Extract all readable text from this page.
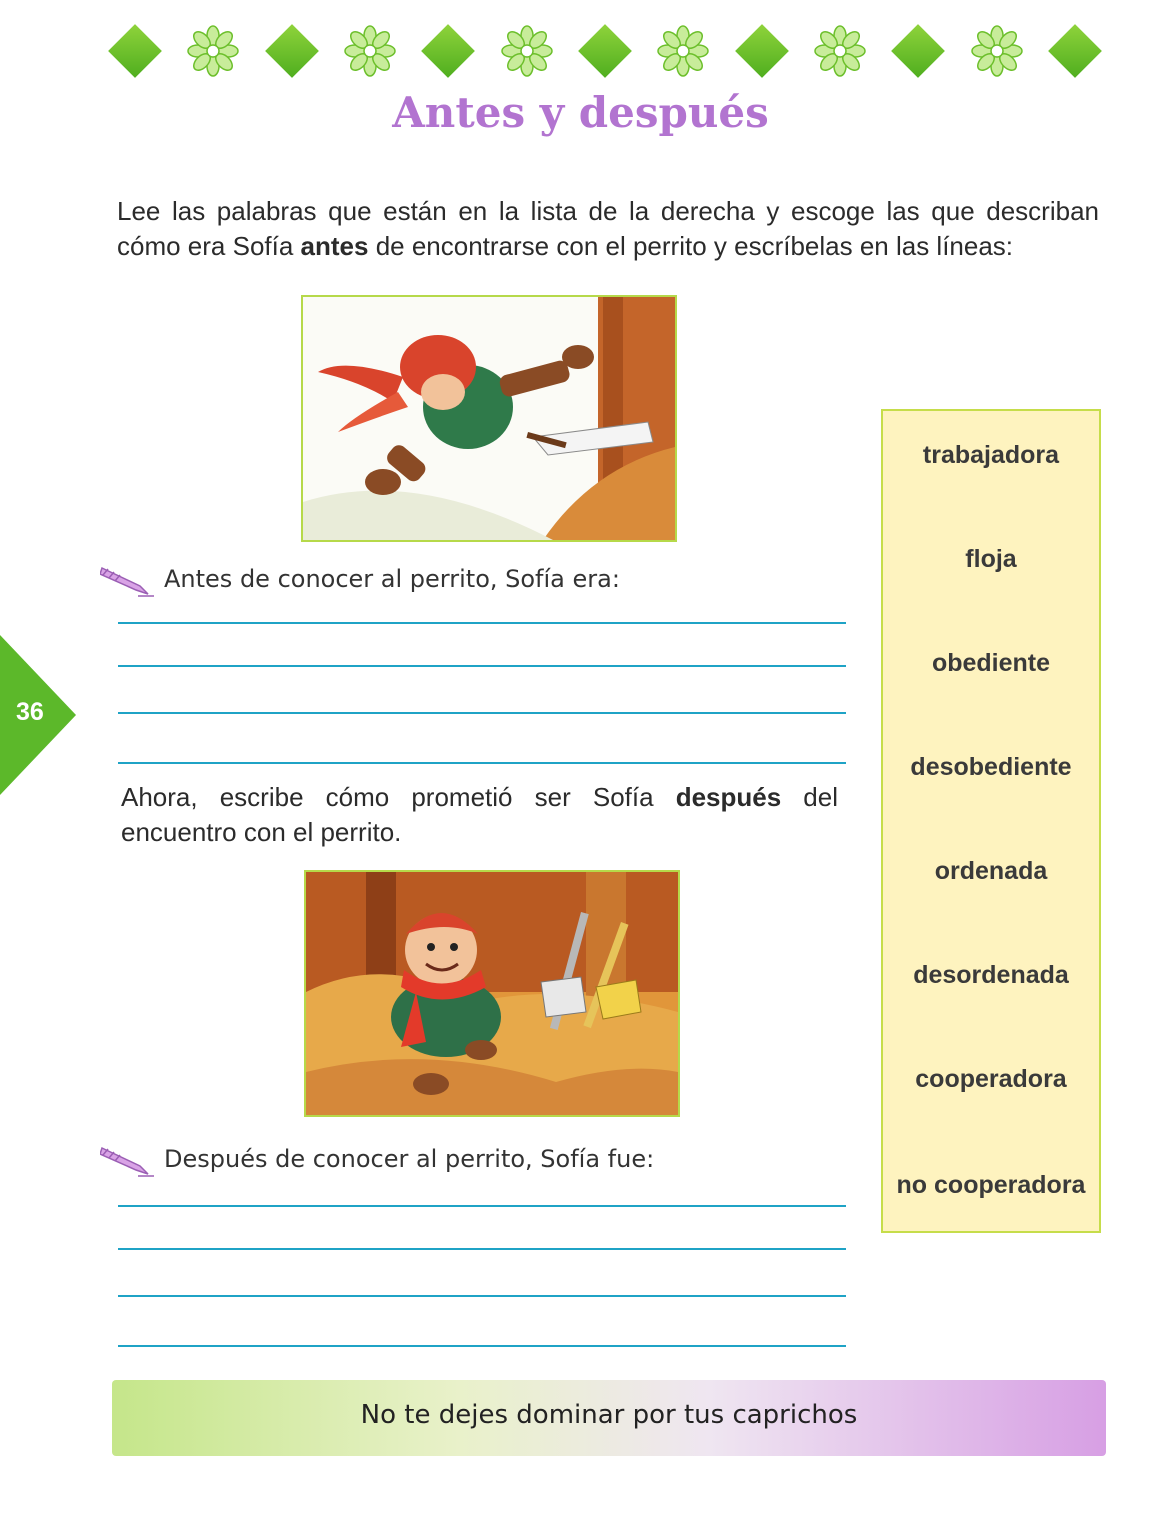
Antes y después
36

Lee las palabras que están en la lista de la derecha y escoge las que describan cómo era Sofía antes de encontrarse con el perrito y escríbelas en las líneas:

Antes de conocer al perrito, Sofía era:

Ahora, escribe cómo prometió ser Sofía después del encuentro con el perrito.

Después de conocer al perrito, Sofía fue:
trabajadora
floja
obediente
desobediente
ordenada
desordenada
cooperadora
no cooperadora
No te dejes dominar por tus caprichos
